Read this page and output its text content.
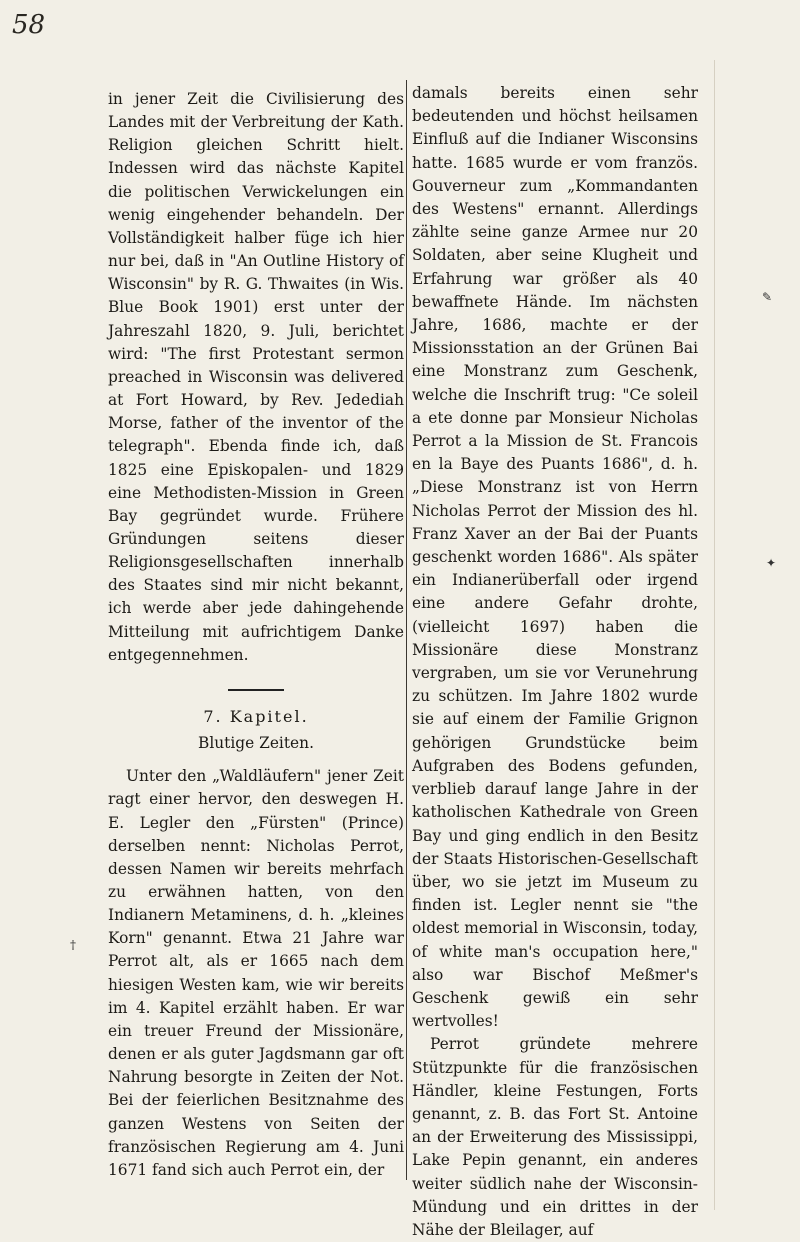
58
✎
✦
†

in jener Zeit die Civilisierung des Landes mit der Verbreitung der Kath. Religion gleichen Schritt hielt. Indessen wird das nächste Kapitel die politischen Verwickelungen ein wenig eingehender behandeln. Der Vollständigkeit halber füge ich hier nur bei, daß in "An Outline History of Wisconsin" by R. G. Thwaites (in Wis. Blue Book 1901) erst unter der Jahreszahl 1820, 9. Juli, berichtet wird: "The first Protestant sermon preached in Wisconsin was delivered at Fort Howard, by Rev. Jedediah Morse, father of the inventor of the telegraph". Ebenda finde ich, daß 1825 eine Episkopalen- und 1829 eine Methodisten-Mission in Green Bay gegründet wurde. Frühere Gründungen seitens dieser Religionsgesellschaften innerhalb des Staates sind mir nicht bekannt, ich werde aber jede dahingehende Mitteilung mit aufrichtigem Danke entgegennehmen.

7. Kapitel.

Blutige Zeiten.

Unter den „Waldläufern" jener Zeit ragt einer hervor, den deswegen H. E. Legler den „Fürsten" (Prince) derselben nennt: Nicholas Perrot, dessen Namen wir bereits mehrfach zu erwähnen hatten, von den Indianern Metaminens, d. h. „kleines Korn" genannt. Etwa 21 Jahre war Perrot alt, als er 1665 nach dem hiesigen Westen kam, wie wir bereits im 4. Kapitel erzählt haben. Er war ein treuer Freund der Missionäre, denen er als guter Jagdsmann gar oft Nahrung besorgte in Zeiten der Not. Bei der feierlichen Besitznahme des ganzen Westens von Seiten der französischen Regierung am 4. Juni 1671 fand sich auch Perrot ein, der

damals bereits einen sehr bedeutenden und höchst heilsamen Einfluß auf die Indianer Wisconsins hatte. 1685 wurde er vom französ. Gouverneur zum „Kommandanten des Westens" ernannt. Allerdings zählte seine ganze Armee nur 20 Soldaten, aber seine Klugheit und Erfahrung war größer als 40 bewaffnete Hände. Im nächsten Jahre, 1686, machte er der Missionsstation an der Grünen Bai eine Monstranz zum Geschenk, welche die Inschrift trug: "Ce soleil a ete donne par Monsieur Nicholas Perrot a la Mission de St. Francois en la Baye des Puants 1686", d. h. „Diese Monstranz ist von Herrn Nicholas Perrot der Mission des hl. Franz Xaver an der Bai der Puants geschenkt worden 1686". Als später ein Indianerüberfall oder irgend eine andere Gefahr drohte, (vielleicht 1697) haben die Missionäre diese Monstranz vergraben, um sie vor Verunehrung zu schützen. Im Jahre 1802 wurde sie auf einem der Familie Grignon gehörigen Grundstücke beim Aufgraben des Bodens gefunden, verblieb darauf lange Jahre in der katholischen Kathedrale von Green Bay und ging endlich in den Besitz der Staats Historischen-Gesellschaft über, wo sie jetzt im Museum zu finden ist. Legler nennt sie "the oldest memorial in Wisconsin, today, of white man's occupation here," also war Bischof Meßmer's Geschenk gewiß ein sehr wertvolles!

Perrot gründete mehrere Stützpunkte für die französischen Händler, kleine Festungen, Forts genannt, z. B. das Fort St. Antoine an der Erweiterung des Mississippi, Lake Pepin genannt, ein anderes weiter südlich nahe der Wisconsin-Mündung und ein drittes in der Nähe der Bleilager, auf
